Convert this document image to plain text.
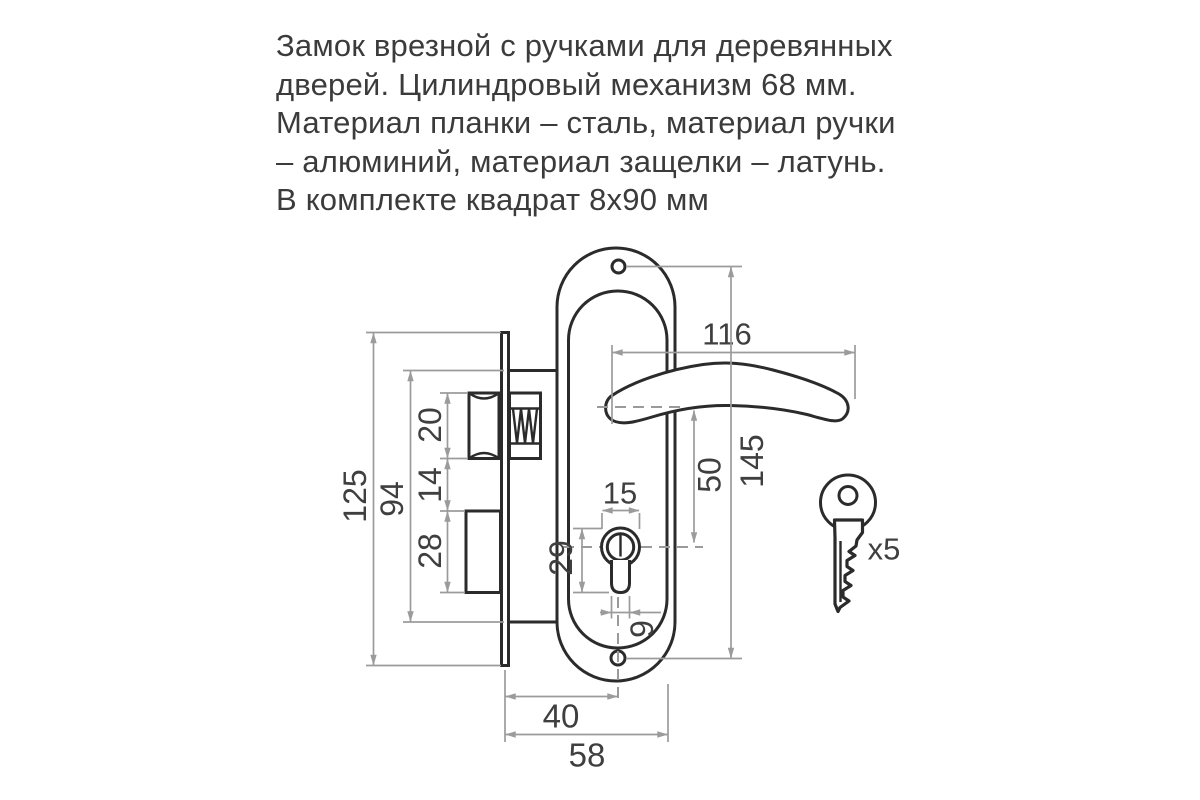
Замок врезной с ручками для деревянных
дверей. Цилиндровый механизм 68 мм.
Материал планки – сталь, материал ручки
– алюминий, материал защелки – латунь.
В комплекте квадрат 8х90 мм
x5
125 94
20
14
28
15
29
9
40
58
116
50 145
